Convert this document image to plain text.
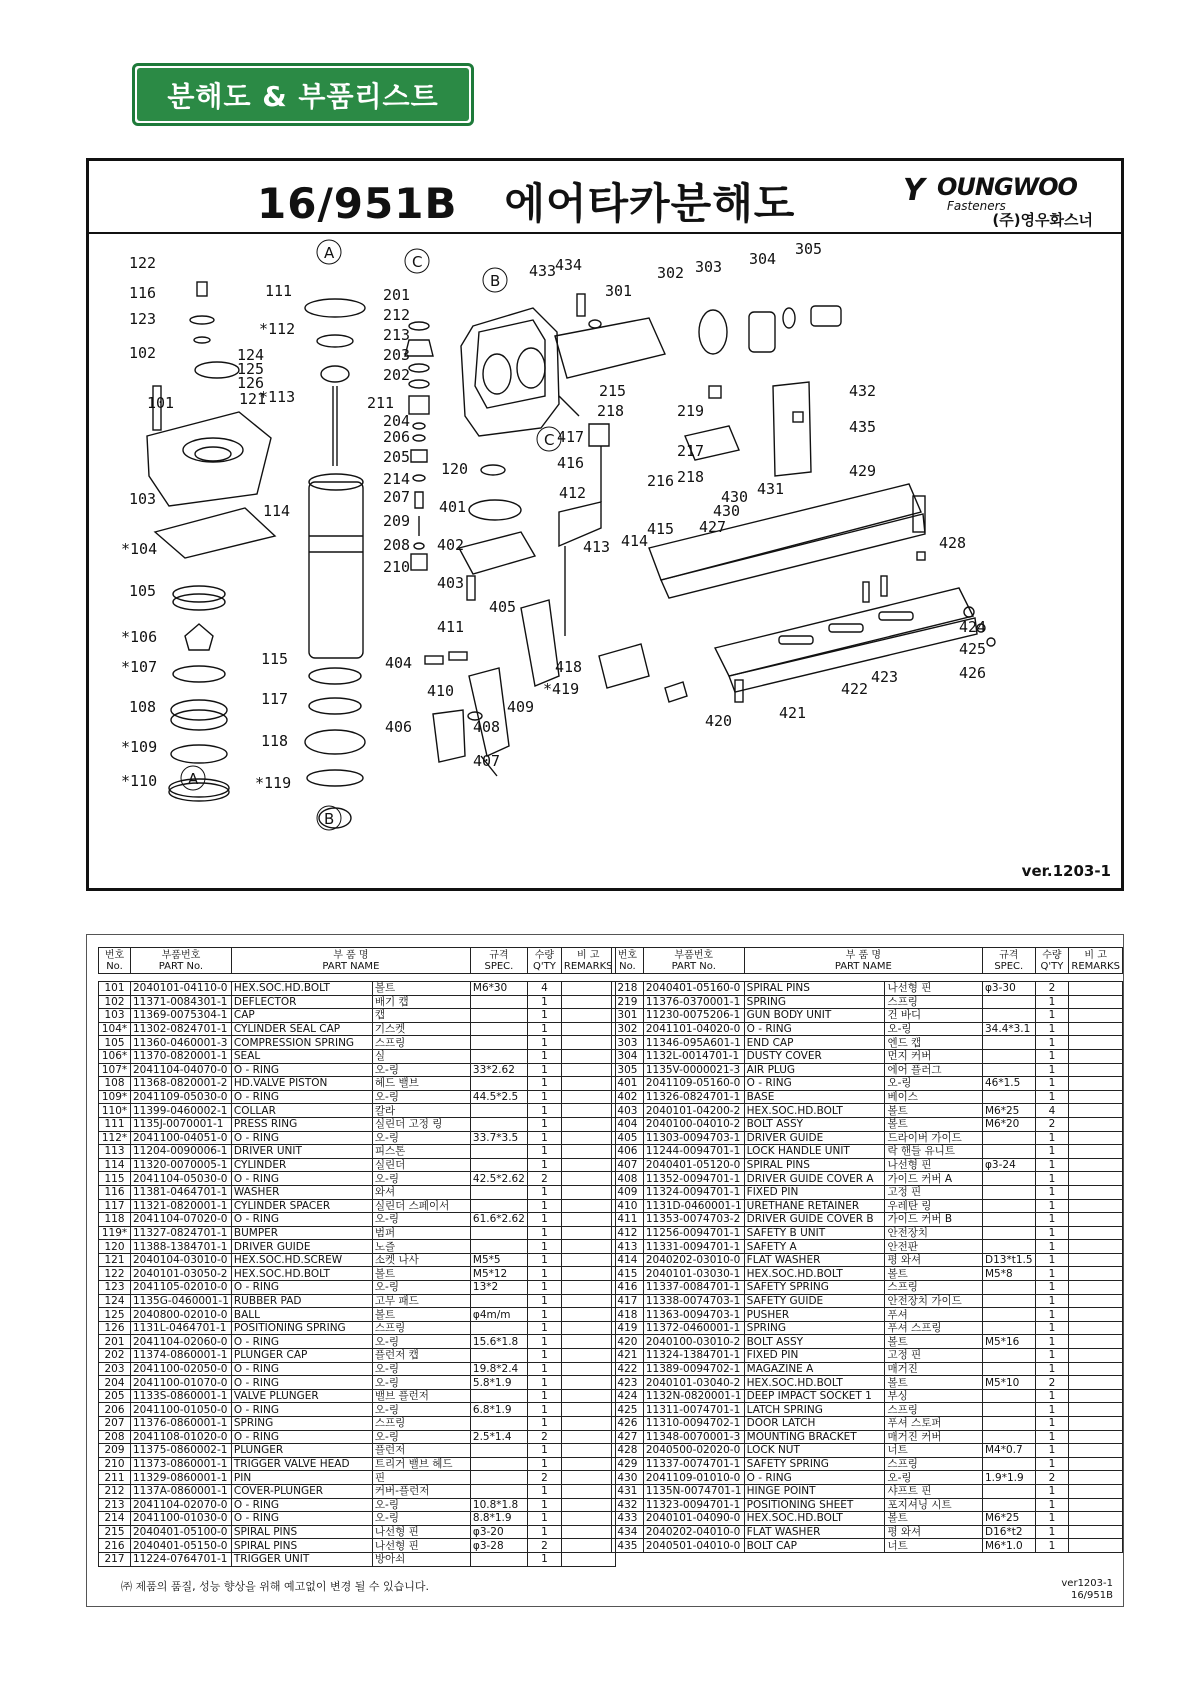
분해도 & 부품리스트
16/951B   에어타카분해도	Y OUNGWOO
Fasteners
(주)영우화스너
A	C
B
C
A
B
122
116
123
102	124
125
126
121
101
103
*104
105
*106
*107
108
*109
*110
111
*112
*113
114
115
117
118
*119
201
212
213
203
202
211
204
206
205
214
207
209
208
210
433
434
301
302 303 304
305
215
218	219
432
435
217
430
218	429
431
430
427
417
416
216
412
413 414
415
120
401
402
403
405
411
404
410
406
409
408
407
418
*419
428
424
425
426
422
423
421
420
ver.1203-1
번호
No.	부품번호
PART No.	부 품 명
PART NAME		규격
SPEC.	수량
Q'TY	비 고
REMARKS

101	2040101-04110-0	HEX.SOC.HD.BOLT	볼트	M6*30	4	
102	11371-0084301-1	DEFLECTOR	배기 캡		1	
103	11369-0075304-1	CAP	캡		1	
104*	11302-0824701-1	CYLINDER SEAL CAP	기스켓		1	
105	11360-0460001-3	COMPRESSION SPRING	스프링		1	
106*	11370-0820001-1	SEAL	실		1	
107*	2041104-04070-0	O - RING	오-링	33*2.62	1	
108	11368-0820001-2	HD.VALVE PISTON	헤드 밸브		1	
109*	2041109-05030-0	O - RING	오-링	44.5*2.5	1	
110*	11399-0460002-1	COLLAR	칼라		1	
111	1135J-0070001-1	PRESS RING	실린더 고정 링		1	
112*	2041100-04051-0	O - RING	오-링	33.7*3.5	1	
113	11204-0090006-1	DRIVER UNIT	피스톤		1	
114	11320-0070005-1	CYLINDER	실린더		1	
115	2041104-05030-0	O - RING	오-링	42.5*2.62	2	
116	11381-0464701-1	WASHER	와셔		1	
117	11321-0820001-1	CYLINDER SPACER	실린더 스페이서		1	
118	2041104-07020-0	O - RING	오-링	61.6*2.62	1	
119*	11327-0824701-1	BUMPER	범퍼		1	
120	11388-1384701-1	DRIVER GUIDE	노즐		1	
121	2040104-03010-0	HEX.SOC.HD.SCREW	소켓 나사	M5*5	1	
122	2040101-03050-2	HEX.SOC.HD.BOLT	볼트	M5*12	1	
123	2041105-02010-0	O - RING	오-링	13*2	1	
124	1135G-0460001-1	RUBBER PAD	고무 패드		1	
125	2040800-02010-0	BALL	볼트	φ4m/m	1	
126	1131L-0464701-1	POSITIONING SPRING	스프링		1	
201	2041104-02060-0	O - RING	오-링	15.6*1.8	1	
202	11374-0860001-1	PLUNGER CAP	플런저 캡		1	
203	2041100-02050-0	O - RING	오-링	19.8*2.4	1	
204	2041100-01070-0	O - RING	오-링	5.8*1.9	1	
205	1133S-0860001-1	VALVE PLUNGER	밸브 플런저		1	
206	2041100-01050-0	O - RING	오-링	6.8*1.9	1	
207	11376-0860001-1	SPRING	스프링		1	
208	2041108-01020-0	O - RING	오-링	2.5*1.4	2	
209	11375-0860002-1	PLUNGER	플런저		1	
210	11373-0860001-1	TRIGGER VALVE HEAD	트리거 밸브 헤드		1	
211	11329-0860001-1	PIN	핀		2	
212	1137A-0860001-1	COVER-PLUNGER	커버-플런저		1	
213	2041104-02070-0	O - RING	오-링	10.8*1.8	1	
214	2041100-01030-0	O - RING	오-링	8.8*1.9	1	
215	2040401-05100-0	SPIRAL PINS	나선형 핀	φ3-20	1	
216	2040401-05150-0	SPIRAL PINS	나선형 핀	φ3-28	2	
217	11224-0764701-1	TRIGGER UNIT	방아쇠		1	
번호
No.	부품번호
PART No.	부 품 명
PART NAME		규격
SPEC.	수량
Q'TY	비 고
REMARKS

218	2040401-05160-0	SPIRAL PINS	나선형 핀	φ3-30	2	
219	11376-0370001-1	SPRING	스프링		1	
301	11230-0075206-1	GUN BODY UNIT	건 바디		1	
302	2041101-04020-0	O - RING	오-링	34.4*3.1	1	
303	11346-095A601-1	END CAP	엔드 캡		1	
304	1132L-0014701-1	DUSTY COVER	먼지 커버		1	
305	1135V-0000021-3	AIR PLUG	에어 플러그		1	
401	2041109-05160-0	O - RING	오-링	46*1.5	1	
402	11326-0824701-1	BASE	베이스		1	
403	2040101-04200-2	HEX.SOC.HD.BOLT	볼트	M6*25	4	
404	2040100-04010-2	BOLT ASSY	볼트	M6*20	2	
405	11303-0094703-1	DRIVER GUIDE	드라이버 가이드		1	
406	11244-0094701-1	LOCK HANDLE UNIT	락 핸들 유니트		1	
407	2040401-05120-0	SPIRAL PINS	나선형 핀	φ3-24	1	
408	11352-0094701-1	DRIVER GUIDE COVER A	가이드 커버 A		1	
409	11324-0094701-1	FIXED PIN	고정 핀		1	
410	1131D-0460001-1	URETHANE RETAINER	우레탄 링		1	
411	11353-0074703-2	DRIVER GUIDE COVER B	가이드 커버 B		1	
412	11256-0094701-1	SAFETY B UNIT	안전장치		1	
413	11331-0094701-1	SAFETY A	안전판		1	
414	2040202-03010-0	FLAT WASHER	평 와셔	D13*t1.5	1	
415	2040101-03030-1	HEX.SOC.HD.BOLT	볼트	M5*8	1	
416	11337-0084701-1	SAFETY SPRING	스프링		1	
417	11338-0074703-1	SAFETY GUIDE	안전장치 가이드		1	
418	11363-0094703-1	PUSHER	푸셔		1	
419	11372-0460001-1	SPRING	푸셔 스프링		1	
420	2040100-03010-2	BOLT ASSY	볼트	M5*16	1	
421	11324-1384701-1	FIXED PIN	고정 핀		1	
422	11389-0094702-1	MAGAZINE A	매거진		1	
423	2040101-03040-2	HEX.SOC.HD.BOLT	볼트	M5*10	2	
424	1132N-0820001-1	DEEP IMPACT SOCKET 1	부싱		1	
425	11311-0074701-1	LATCH SPRING	스프링		1	
426	11310-0094702-1	DOOR LATCH	푸셔 스토퍼		1	
427	11348-0070001-3	MOUNTING BRACKET	매거진 커버		1	
428	2040500-02020-0	LOCK NUT	너트	M4*0.7	1	
429	11337-0074701-1	SAFETY SPRING	스프링		1	
430	2041109-01010-0	O - RING	오-링	1.9*1.9	2	
431	1135N-0074701-1	HINGE POINT	샤프트 핀		1	
432	11323-0094701-1	POSITIONING SHEET	포지셔닝 시트		1	
433	2040101-04090-0	HEX.SOC.HD.BOLT	볼트	M6*25	1	
434	2040202-04010-0	FLAT WASHER	평 와셔	D16*t2	1	
435	2040501-04010-0	BOLT CAP	너트	M6*1.0	1	
㈜ 제품의 품질, 성능 향상을 위해 예고없이 변경 될 수 있습니다.	ver1203-1
16/951B
